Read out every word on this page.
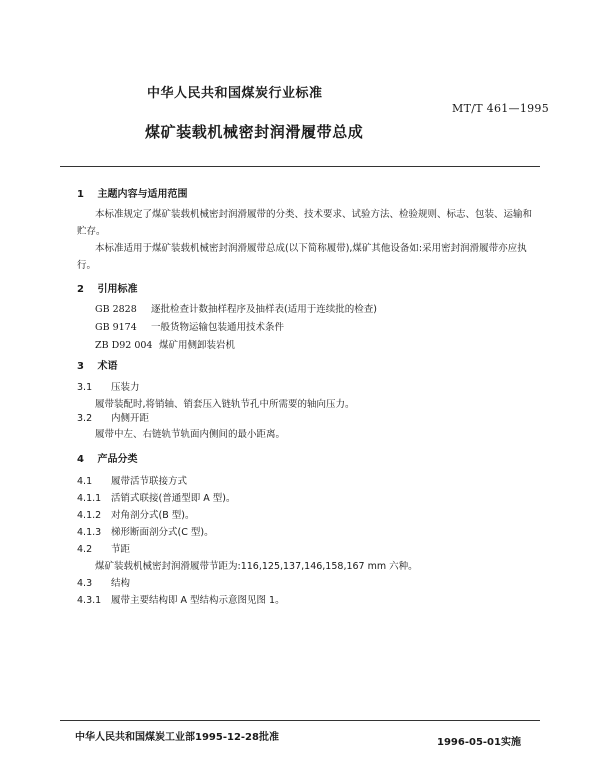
中华人民共和国煤炭行业标准
MT/T 461—1995
煤矿装载机械密封润滑履带总成
1 主题内容与适用范围
本标准规定了煤矿装载机械密封润滑履带的分类、技术要求、试验方法、检验规则、标志、包装、运输和贮存。
本标准适用于煤矿装载机械密封润滑履带总成(以下简称履带),煤矿其他设备如:采用密封润滑履带亦应执行。
2 引用标准
GB 2828 逐批检查计数抽样程序及抽样表(适用于连续批的检查)
GB 9174 一般货物运输包装通用技术条件
ZB D92 004 煤矿用侧卸装岩机
3 术语
3.1 压装力
履带装配时,将销轴、销套压入链轨节孔中所需要的轴向压力。
3.2 内侧开距
履带中左、右链轨节轨面内侧间的最小距离。
4 产品分类
4.1 履带活节联接方式
4.1.1 活销式联接(普通型即 A 型)。
4.1.2 对角剖分式(B 型)。
4.1.3 梯形断面剖分式(C 型)。
4.2 节距
煤矿装载机械密封润滑履带节距为:116,125,137,146,158,167 mm 六种。
4.3 结构
4.3.1 履带主要结构即 A 型结构示意图见图 1。
中华人民共和国煤炭工业部1995-12-28批准	1996-05-01实施
